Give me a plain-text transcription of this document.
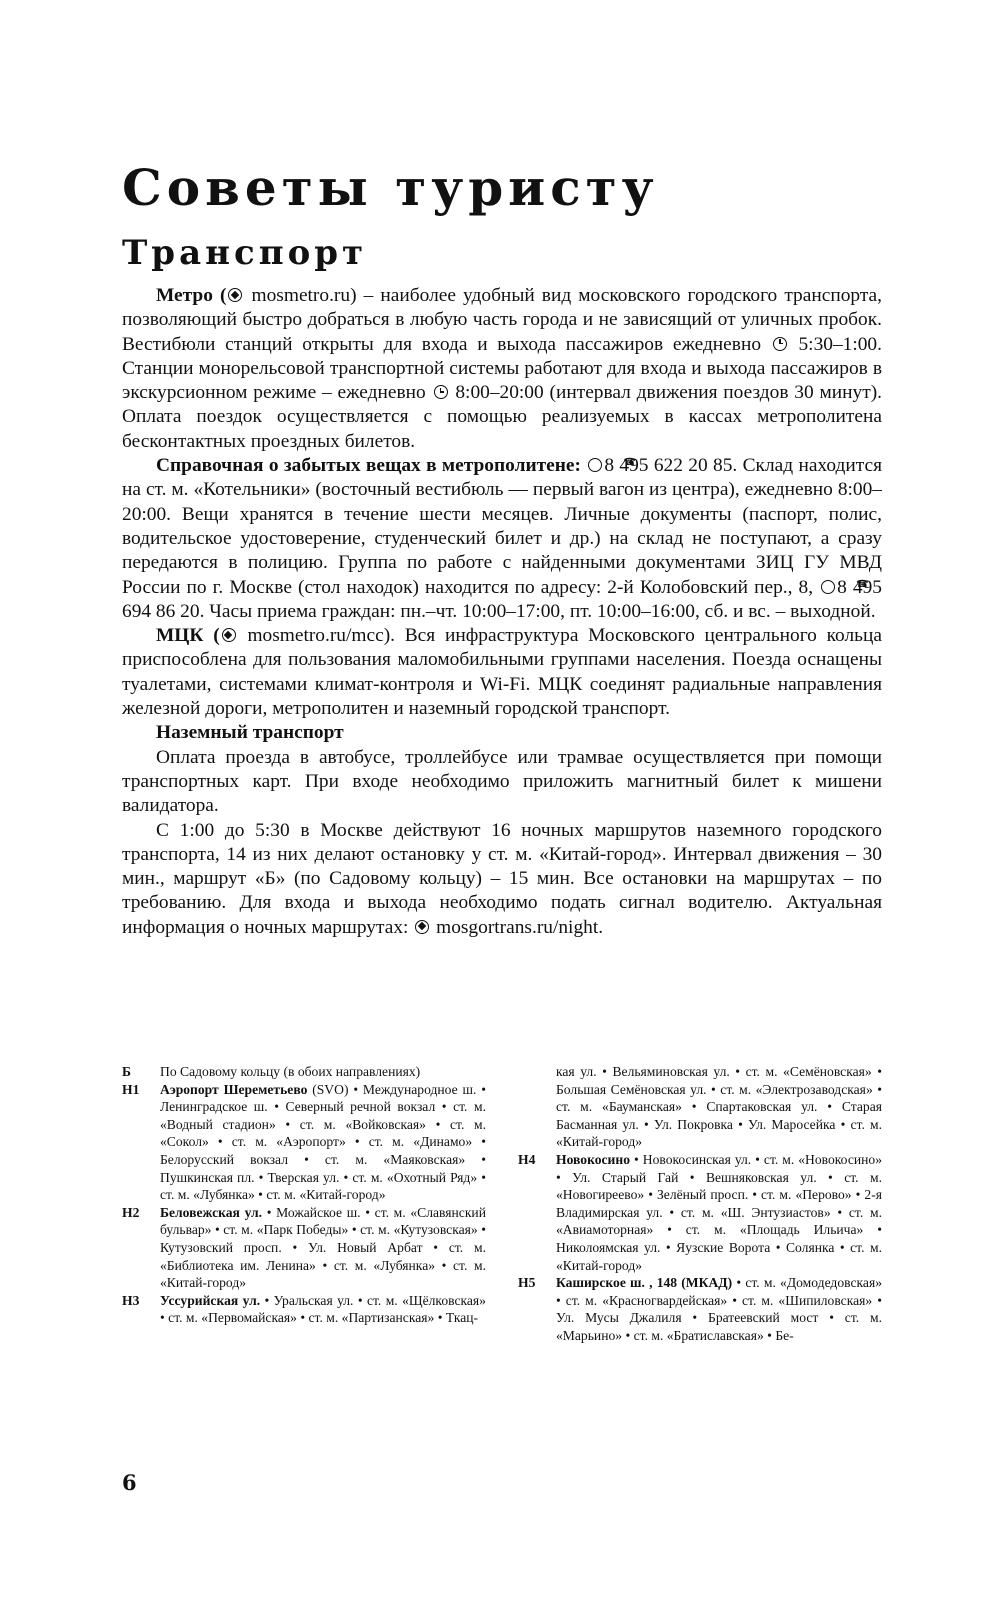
Советы туристу
Транспорт

Метро ( mosmetro.ru) – наиболее удобный вид московского городского транспорта, позволяющий быстро добраться в любую часть города и не зависящий от уличных пробок. Вестибюли станций открыты для входа и выхода пассажиров ежедневно  5:30–1:00. Станции монорельсовой транспортной системы работают для входа и выхода пассажиров в экскурсионном режиме – ежедневно  8:00–20:00 (интервал движения поездов 30 минут). Оплата поездок осуществляется с помощью реализуемых в кассах метрополитена бесконтактных проездных билетов.

Справочная о забытых вещах в метрополитене: ☎ 8 495 622 20 85. Склад находится на ст. м. «Котельники» (восточный вестибюль — первый вагон из центра), ежедневно 8:00–20:00. Вещи хранятся в течение шести месяцев. Личные документы (паспорт, полис, водительское удостоверение, студенческий билет и др.) на склад не поступают, а сразу передаются в полицию. Группа по работе с найденными документами ЗИЦ ГУ МВД России по г. Москве (стол находок) находится по адресу: 2-й Колобовский пер., 8, ☎8 495 694 86 20. Часы приема граждан: пн.–чт. 10:00–17:00, пт. 10:00–16:00, сб. и вс. – выходной.

МЦК ( mosmetro.ru/mcc). Вся инфраструктура Московского центрального кольца приспособлена для пользования маломобильными группами населения. Поезда оснащены туалетами, системами климат-контроля и Wi-Fi. МЦК соединят радиальные направления железной дороги, метрополитен и наземный городской транспорт.

Наземный транспорт

Оплата проезда в автобусе, троллейбусе или трамвае осуществляется при помощи транспортных карт. При входе необходимо приложить магнитный билет к мишени валидатора.

С 1:00 до 5:30 в Москве действуют 16 ночных маршрутов наземного городского транспорта, 14 из них делают остановку у ст. м. «Китай-город». Интервал движения – 30 мин., маршрут «Б» (по Садовому кольцу) – 15 мин. Все остановки на маршрутах – по требованию. Для входа и выхода необходимо подать сигнал водителю. Актуальная информация о ночных маршрутах:  mosgortrans.ru/night.

Б	По Садовому кольцу (в обоих направлениях)
Н1	Аэропорт Шереметьево (SVO) • Международное ш. • Ленинградское ш. • Северный речной вокзал • ст. м. «Водный стадион» • ст. м. «Войковская» • ст. м. «Сокол» • ст. м. «Аэропорт» • ст. м. «Динамо» • Белорусский вокзал • ст. м. «Маяковская» • Пушкинская пл. • Тверская ул. • ст. м. «Охотный Ряд» • ст. м. «Лубянка» • ст. м. «Китай-город»
Н2	Беловежская ул. • Можайское ш. • ст. м. «Славянский бульвар» • ст. м. «Парк Победы» • ст. м. «Кутузовская» • Кутузовский просп. • Ул. Новый Арбат • ст. м. «Библиотека им. Ленина» • ст. м. «Лубянка» • ст. м. «Китай-город»
Н3	Уссурийская ул. • Уральская ул. • ст. м. «Щёлковская» • ст. м. «Первомайская» • ст. м. «Партизанская» • Ткац-
кая ул. • Вельяминовская ул. • ст. м. «Семёновская» • Большая Семёновская ул. • ст. м. «Электрозаводская» • ст. м. «Бауманская» • Спартаковская ул. • Старая Басманная ул. • Ул. Покровка • Ул. Маросейка • ст. м. «Китай-город»
Н4	Новокосино • Новокосинская ул. • ст. м. «Новокосино» • Ул. Старый Гай • Вешняковская ул. • ст. м. «Новогиреево» • Зелёный просп. • ст. м. «Перово» • 2-я Владимирская ул. • ст. м. «Ш. Энтузиастов» • ст. м. «Авиамоторная» • ст. м. «Площадь Ильича» • Николоямская ул. • Яузские Ворота • Солянка • ст. м. «Китай-город»
Н5	Каширское ш. , 148 (МКАД) • ст. м. «Домодедовская» • ст. м. «Красногвардейская» • ст. м. «Шипиловская» • Ул. Мусы Джалиля • Братеевский мост • ст. м. «Марьино» • ст. м. «Братиславская» • Бе-
6
